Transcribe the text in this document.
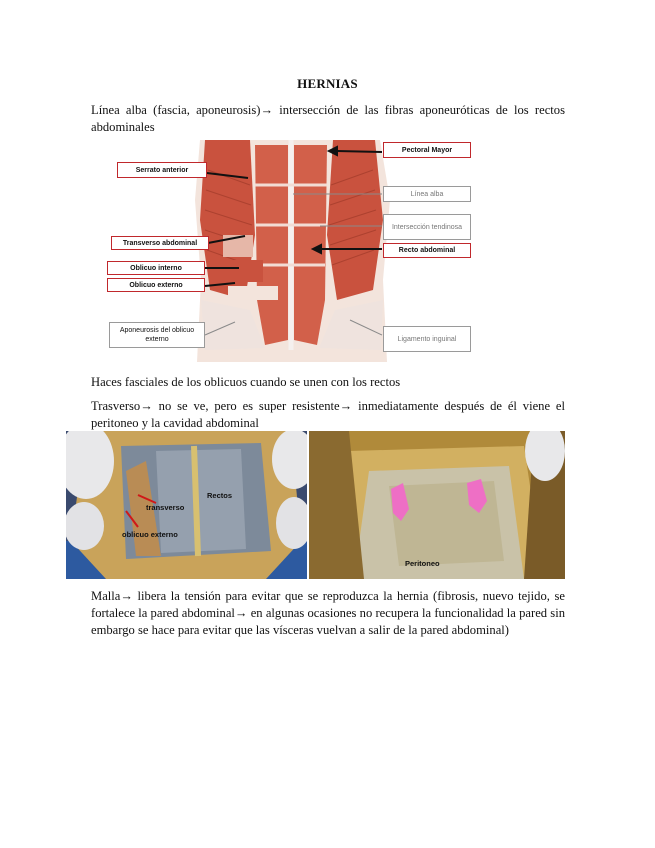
HERNIAS
Línea alba (fascia, aponeurosis)→ intersección de las fibras aponeuróticas de los rectos abdominales
Serrato anterior
Pectoral Mayor
Línea alba
Intersección tendinosa
Transverso abdominal
Recto abdominal
Oblicuo interno
Oblicuo externo
Aponeurosis del oblicuo externo	Ligamento inguinal
Haces fasciales de los oblicuos cuando se unen con los rectos
Trasverso→ no se ve, pero es super resistente→ inmediatamente después de él viene el peritoneo y la cavidad abdominal
Rectos
transverso
oblicuo externo
Peritoneo
Malla→ libera la tensión para evitar que se reproduzca la hernia (fibrosis, nuevo tejido, se fortalece la pared abdominal→ en algunas ocasiones no recupera la funcionalidad la pared sin embargo se hace para evitar que las vísceras vuelvan a salir de la pared abdominal)
